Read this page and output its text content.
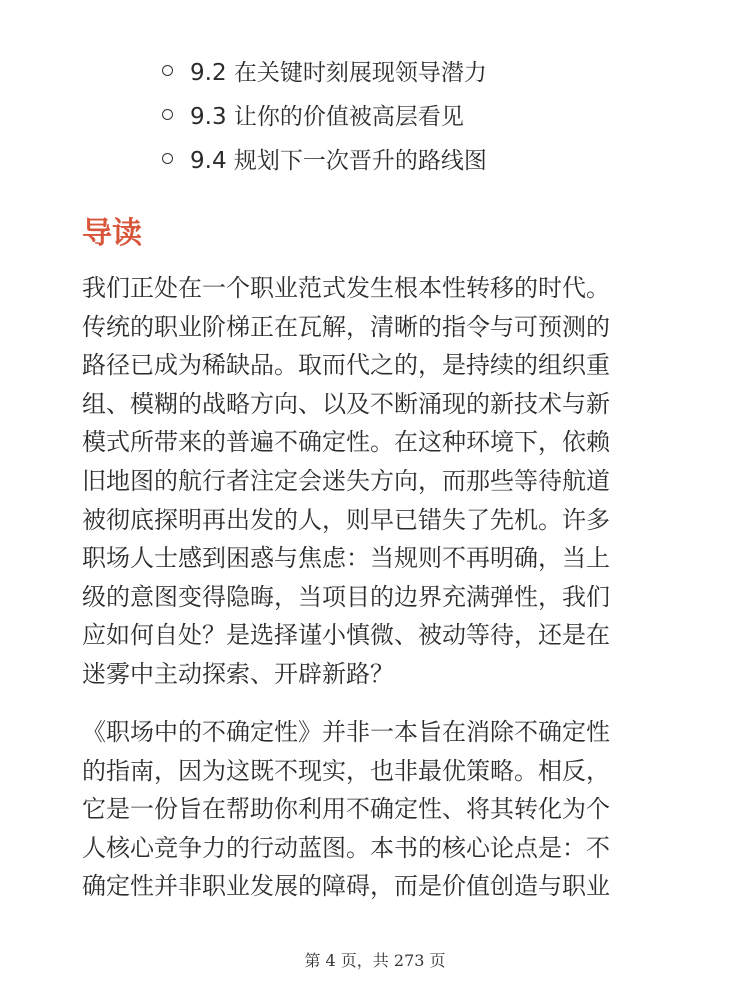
9.2 在关键时刻展现领导潜力
9.3 让你的价值被高层看见
9.4 规划下一次晋升的路线图
导读

我们正处在一个职业范式发生根本性转移的时代。
传统的职业阶梯正在瓦解，清晰的指令与可预测的
路径已成为稀缺品。取而代之的，是持续的组织重
组、模糊的战略方向、以及不断涌现的新技术与新
模式所带来的普遍不确定性。在这种环境下，依赖
旧地图的航行者注定会迷失方向，而那些等待航道
被彻底探明再出发的人，则早已错失了先机。许多
职场人士感到困惑与焦虑：当规则不再明确，当上
级的意图变得隐晦，当项目的边界充满弹性，我们
应如何自处？是选择谨小慎微、被动等待，还是在
迷雾中主动探索、开辟新路？

《职场中的不确定性》并非一本旨在消除不确定性
的指南，因为这既不现实，也非最优策略。相反，
它是一份旨在帮助你利用不确定性、将其转化为个
人核心竞争力的行动蓝图。本书的核心论点是：不
确定性并非职业发展的障碍，而是价值创造与职业

第 4 页，共 273 页
